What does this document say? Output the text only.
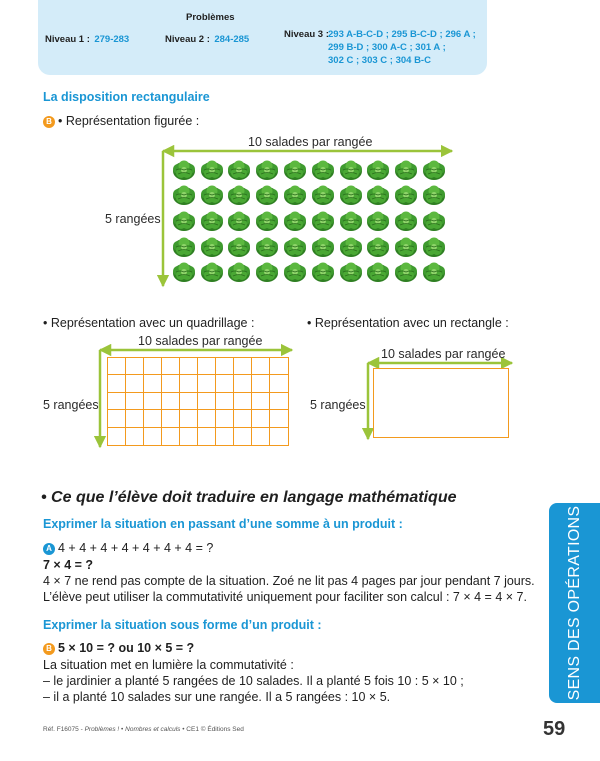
Problèmes
Niveau 1 : 279-283	Niveau 2 : 284-285	Niveau 3 : 293 A-B-C-D ; 295 B-C-D ; 296 A ;
299 B-D ; 300 A-C ; 301 A ;
302 C ; 303 C ; 304 B-C
La disposition rectangulaire
B • Représentation figurée :
10 salades par rangée
5 rangées
• Représentation avec un quadrillage :
10 salades par rangée
5 rangées
• Représentation avec un rectangle :
10 salades par rangée
5 rangées
• Ce que l’élève doit traduire en langage mathématique
Exprimer la situation en passant d’une somme à un produit :
A 4 + 4 + 4 + 4 + 4 + 4 + 4 = ?
7 × 4 = ?
4 × 7 ne rend pas compte de la situation. Zoé ne lit pas 4 pages par jour pendant 7 jours.
L’élève peut utiliser la commutativité uniquement pour faciliter son calcul : 7 × 4 = 4 × 7.
Exprimer la situation sous forme d’un produit :
B 5 × 10 = ? ou 10 × 5 = ?
La situation met en lumière la commutativité :
– le jardinier a planté 5 rangées de 10 salades. Il a planté 5 fois 10 : 5 × 10 ;
– il a planté 10 salades sur une rangée. Il a 5 rangées : 10 × 5.	SENS DES OPÉRATIONS
59
Réf. F16075 - Problèmes ! • Nombres et calculs • CE1 © Éditions Sed
